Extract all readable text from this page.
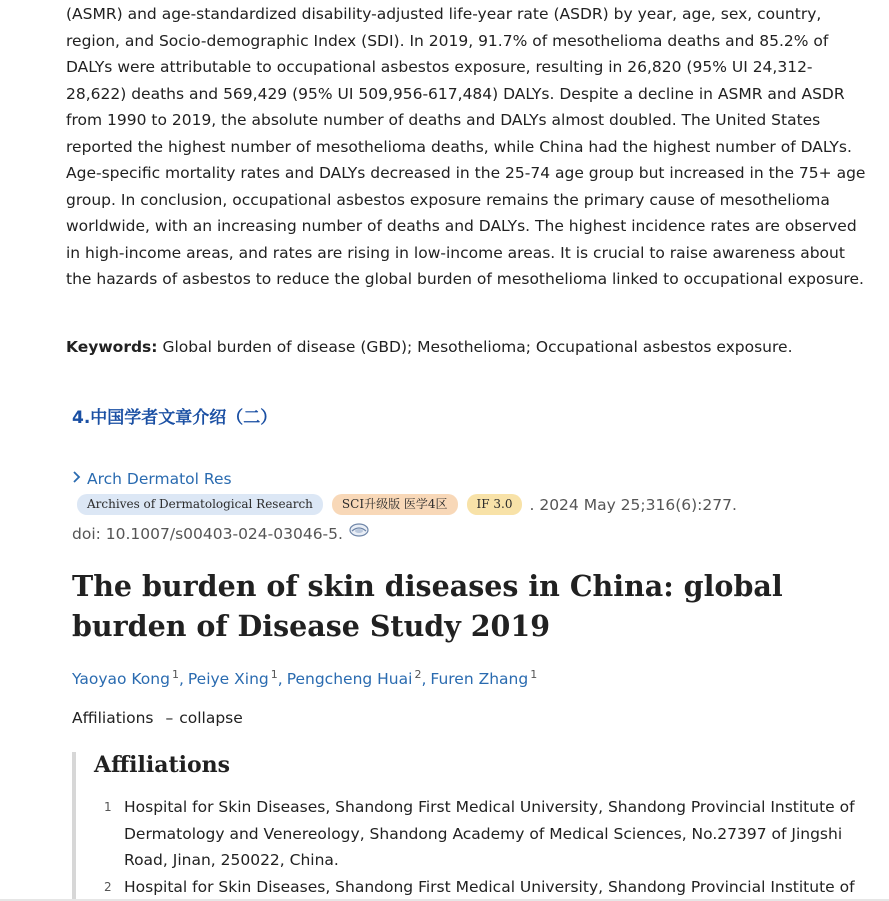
(ASMR) and age-standardized disability-adjusted life-year rate (ASDR) by year, age, sex, country, region, and Socio-demographic Index (SDI). In 2019, 91.7% of mesothelioma deaths and 85.2% of DALYs were attributable to occupational asbestos exposure, resulting in 26,820 (95% UI 24,312-28,622) deaths and 569,429 (95% UI 509,956-617,484) DALYs. Despite a decline in ASMR and ASDR from 1990 to 2019, the absolute number of deaths and DALYs almost doubled. The United States reported the highest number of mesothelioma deaths, while China had the highest number of DALYs. Age-specific mortality rates and DALYs decreased in the 25-74 age group but increased in the 75+ age group. In conclusion, occupational asbestos exposure remains the primary cause of mesothelioma worldwide, with an increasing number of deaths and DALYs. The highest incidence rates are observed in high-income areas, and rates are rising in low-income areas. It is crucial to raise awareness about the hazards of asbestos to reduce the global burden of mesothelioma linked to occupational exposure.
Keywords: Global burden of disease (GBD); Mesothelioma; Occupational asbestos exposure.
4.中国学者文章介绍（二）
Arch Dermatol Res
Archives of Dermatological Research	SCI升级版 医学4区	IF 3.0	. 2024 May 25;316(6):277.
doi: 10.1007/s00403-024-03046-5.
The burden of skin diseases in China: global burden of Disease Study 2019
Yaoyao Kong $^1$, Peiye Xing $^1$, Pengcheng Huai $^2$, Furen Zhang $^1$
Affiliations – collapse
Affiliations
1 Hospital for Skin Diseases, Shandong First Medical University, Shandong Provincial Institute of Dermatology and Venereology, Shandong Academy of Medical Sciences, No.27397 of Jingshi Road, Jinan, 250022, China.
2 Hospital for Skin Diseases, Shandong First Medical University, Shandong Provincial Institute of
